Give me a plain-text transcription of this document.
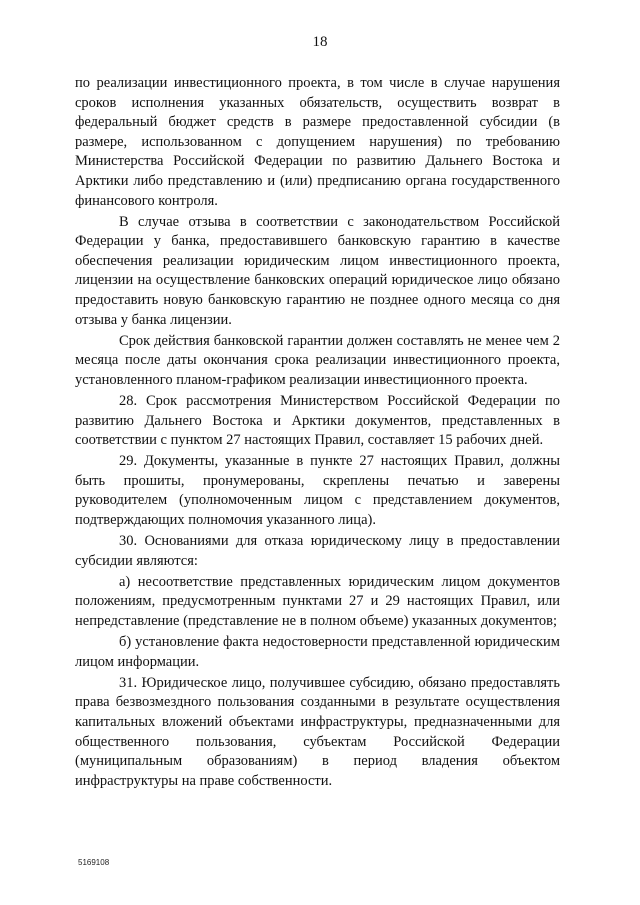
18

по реализации инвестиционного проекта, в том числе в случае нарушения сроков исполнения указанных обязательств, осуществить возврат в федеральный бюджет средств в размере предоставленной субсидии (в размере, использованном с допущением нарушения) по требованию Министерства Российской Федерации по развитию Дальнего Востока и Арктики либо представлению и (или) предписанию органа государственного финансового контроля.

В случае отзыва в соответствии с законодательством Российской Федерации у банка, предоставившего банковскую гарантию в качестве обеспечения реализации юридическим лицом инвестиционного проекта, лицензии на осуществление банковских операций юридическое лицо обязано предоставить новую банковскую гарантию не позднее одного месяца со дня отзыва у банка лицензии.

Срок действия банковской гарантии должен составлять не менее чем 2 месяца после даты окончания срока реализации инвестиционного проекта, установленного планом-графиком реализации инвестиционного проекта.

28. Срок рассмотрения Министерством Российской Федерации по развитию Дальнего Востока и Арктики документов, представленных в соответствии с пунктом 27 настоящих Правил, составляет 15 рабочих дней.

29. Документы, указанные в пункте 27 настоящих Правил, должны быть прошиты, пронумерованы, скреплены печатью и заверены руководителем (уполномоченным лицом с представлением документов, подтверждающих полномочия указанного лица).

30. Основаниями для отказа юридическому лицу в предоставлении субсидии являются:

а) несоответствие представленных юридическим лицом документов положениям, предусмотренным пунктами 27 и 29 настоящих Правил, или непредставление (представление не в полном объеме) указанных документов;

б) установление факта недостоверности представленной юридическим лицом информации.

31. Юридическое лицо, получившее субсидию, обязано предоставлять права безвозмездного пользования созданными в результате осуществления капитальных вложений объектами инфраструктуры, предназначенными для общественного пользования, субъектам Российской Федерации (муниципальным образованиям) в период владения объектом инфраструктуры на праве собственности.

5169108
